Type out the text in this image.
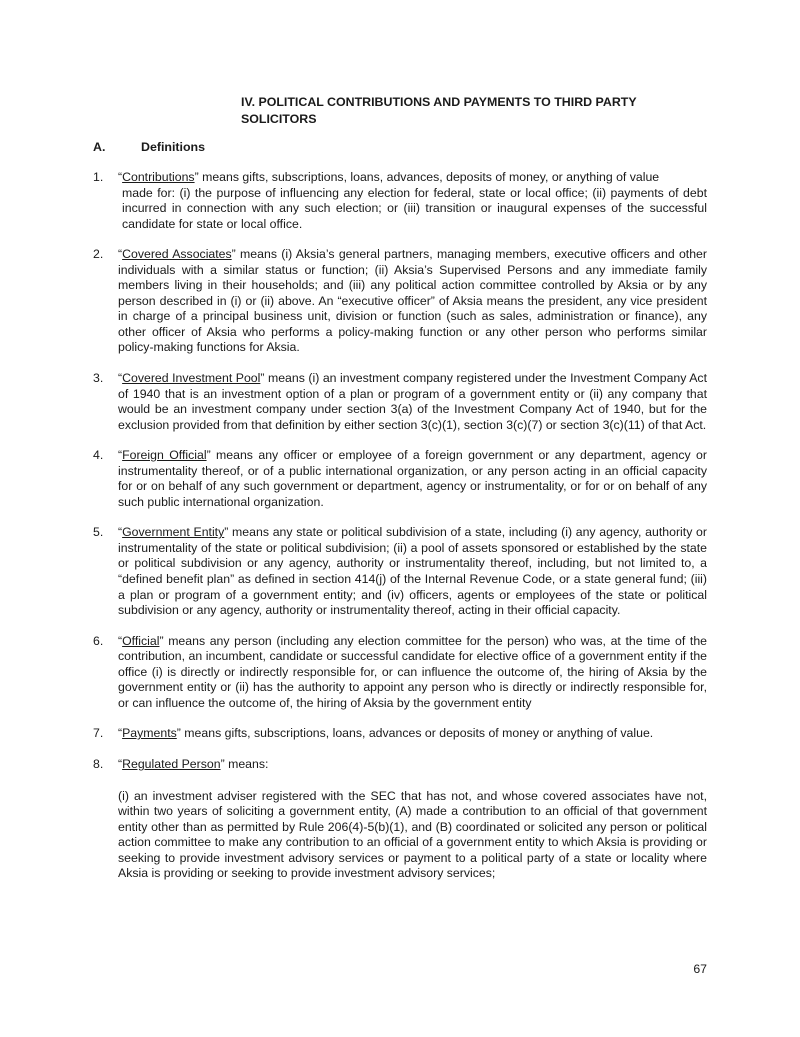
IV. POLITICAL CONTRIBUTIONS AND PAYMENTS TO THIRD PARTY SOLICITORS

A.	Definitions

1. “Contributions” means gifts, subscriptions, loans, advances, deposits of money, or anything of value
made for: (i) the purpose of influencing any election for federal, state or local office; (ii) payments of debt incurred in connection with any such election; or (iii) transition or inaugural expenses of the successful candidate for state or local office.
2. “Covered Associates” means (i) Aksia’s general partners, managing members, executive officers and other individuals with a similar status or function; (ii) Aksia’s Supervised Persons and any immediate family members living in their households; and (iii) any political action committee controlled by Aksia or by any person described in (i) or (ii) above. An “executive officer” of Aksia means the president, any vice president in charge of a principal business unit, division or function (such as sales, administration or finance), any other officer of Aksia who performs a policy-making function or any other person who performs similar policy-making functions for Aksia.
3. “Covered Investment Pool” means (i) an investment company registered under the Investment Company Act of 1940 that is an investment option of a plan or program of a government entity or (ii) any company that would be an investment company under section 3(a) of the Investment Company Act of 1940, but for the exclusion provided from that definition by either section 3(c)(1), section 3(c)(7) or section 3(c)(11) of that Act.
4. “Foreign Official” means any officer or employee of a foreign government or any department, agency or instrumentality thereof, or of a public international organization, or any person acting in an official capacity for or on behalf of any such government or department, agency or instrumentality, or for or on behalf of any such public international organization.
5. “Government Entity” means any state or political subdivision of a state, including (i) any agency, authority or instrumentality of the state or political subdivision; (ii) a pool of assets sponsored or established by the state or political subdivision or any agency, authority or instrumentality thereof, including, but not limited to, a “defined benefit plan” as defined in section 414(j) of the Internal Revenue Code, or a state general fund; (iii) a plan or program of a government entity; and (iv) officers, agents or employees of the state or political subdivision or any agency, authority or instrumentality thereof, acting in their official capacity.
6. “Official” means any person (including any election committee for the person) who was, at the time of the contribution, an incumbent, candidate or successful candidate for elective office of a government entity if the office (i) is directly or indirectly responsible for, or can influence the outcome of, the hiring of Aksia by the government entity or (ii) has the authority to appoint any person who is directly or indirectly responsible for, or can influence the outcome of, the hiring of Aksia by the government entity
7. “Payments” means gifts, subscriptions, loans, advances or deposits of money or anything of value.
8. “Regulated Person” means:
(i) an investment adviser registered with the SEC that has not, and whose covered associates have not, within two years of soliciting a government entity, (A) made a contribution to an official of that government entity other than as permitted by Rule 206(4)-5(b)(1), and (B) coordinated or solicited any person or political action committee to make any contribution to an official of a government entity to which Aksia is providing or seeking to provide investment advisory services or payment to a political party of a state or locality where Aksia is providing or seeking to provide investment advisory services;

67
